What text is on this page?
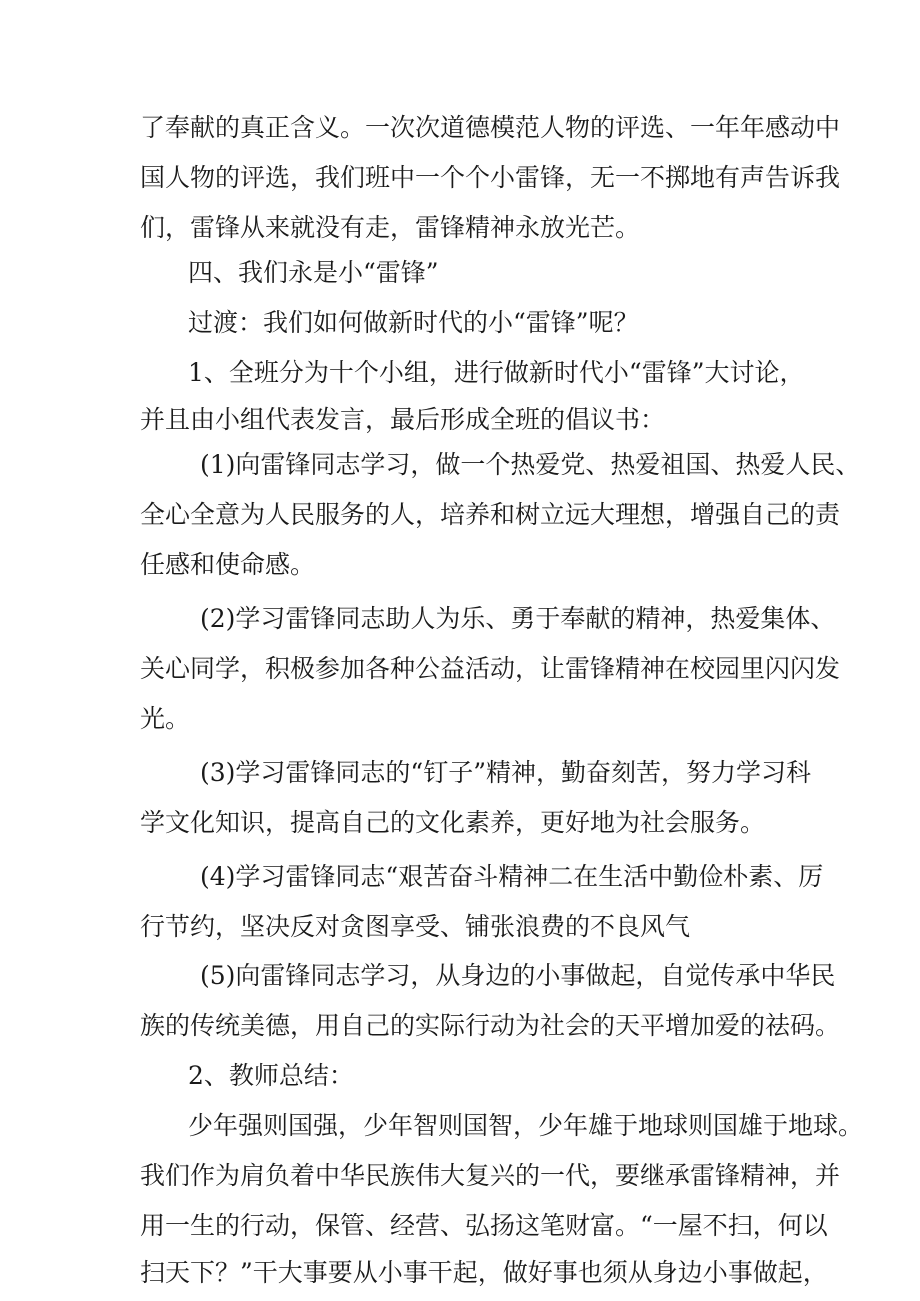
了奉献的真正含义。一次次道德模范人物的评选、一年年感动中
国人物的评选，我们班中一个个小雷锋，无一不掷地有声告诉我
们，雷锋从来就没有走，雷锋精神永放光芒。
四、我们永是小“雷锋”
过渡：我们如何做新时代的小“雷锋”呢？
1、全班分为十个小组，进行做新时代小“雷锋”大讨论，
并且由小组代表发言，最后形成全班的倡议书：
(1)向雷锋同志学习，做一个热爱党、热爱祖国、热爱人民、
全心全意为人民服务的人，培养和树立远大理想，增强自己的责
任感和使命感。
(2)学习雷锋同志助人为乐、勇于奉献的精神，热爱集体、
关心同学，积极参加各种公益活动，让雷锋精神在校园里闪闪发
光。
(3)学习雷锋同志的“钉子”精神，勤奋刻苦，努力学习科
学文化知识，提高自己的文化素养，更好地为社会服务。
(4)学习雷锋同志“艰苦奋斗精神二在生活中勤俭朴素、厉
行节约，坚决反对贪图享受、铺张浪费的不良风气
(5)向雷锋同志学习，从身边的小事做起，自觉传承中华民
族的传统美德，用自己的实际行动为社会的天平增加爱的祛码。
2、教师总结：
少年强则国强，少年智则国智，少年雄于地球则国雄于地球。
我们作为肩负着中华民族伟大复兴的一代，要继承雷锋精神，并
用一生的行动，保管、经营、弘扬这笔财富。“一屋不扫，何以
扫天下？”干大事要从小事干起，做好事也须从身边小事做起，
